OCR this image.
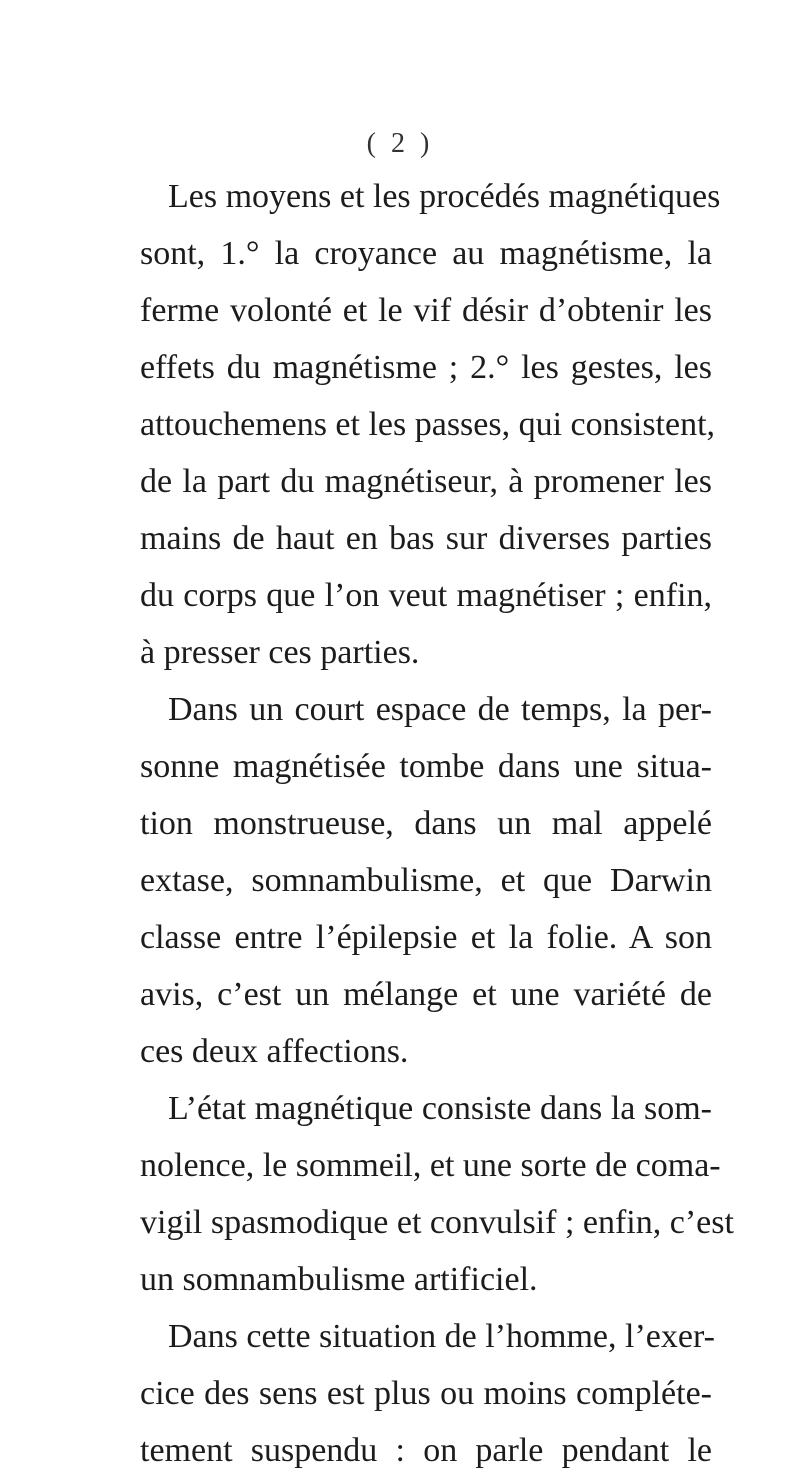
( 2 )
Les moyens et les procédés magnétiques
sont, 1.° la croyance au magnétisme, la
ferme volonté et le vif désir d’obtenir les
effets du magnétisme ; 2.° les gestes, les
attouchemens et les passes, qui consistent,
de la part du magnétiseur, à promener les
mains de haut en bas sur diverses parties
du corps que l’on veut magnétiser ; enfin,
à presser ces parties.
Dans un court espace de temps, la per-
sonne magnétisée tombe dans une situa-
tion monstrueuse, dans un mal appelé
extase, somnambulisme, et que Darwin
classe entre l’épilepsie et la folie. A son
avis, c’est un mélange et une variété de
ces deux affections.
L’état magnétique consiste dans la som-
nolence, le sommeil, et une sorte de coma-
vigil spasmodique et convulsif ; enfin, c’est
un somnambulisme artificiel.
Dans cette situation de l’homme, l’exer-
cice des sens est plus ou moins compléte-
tement suspendu : on parle pendant le
